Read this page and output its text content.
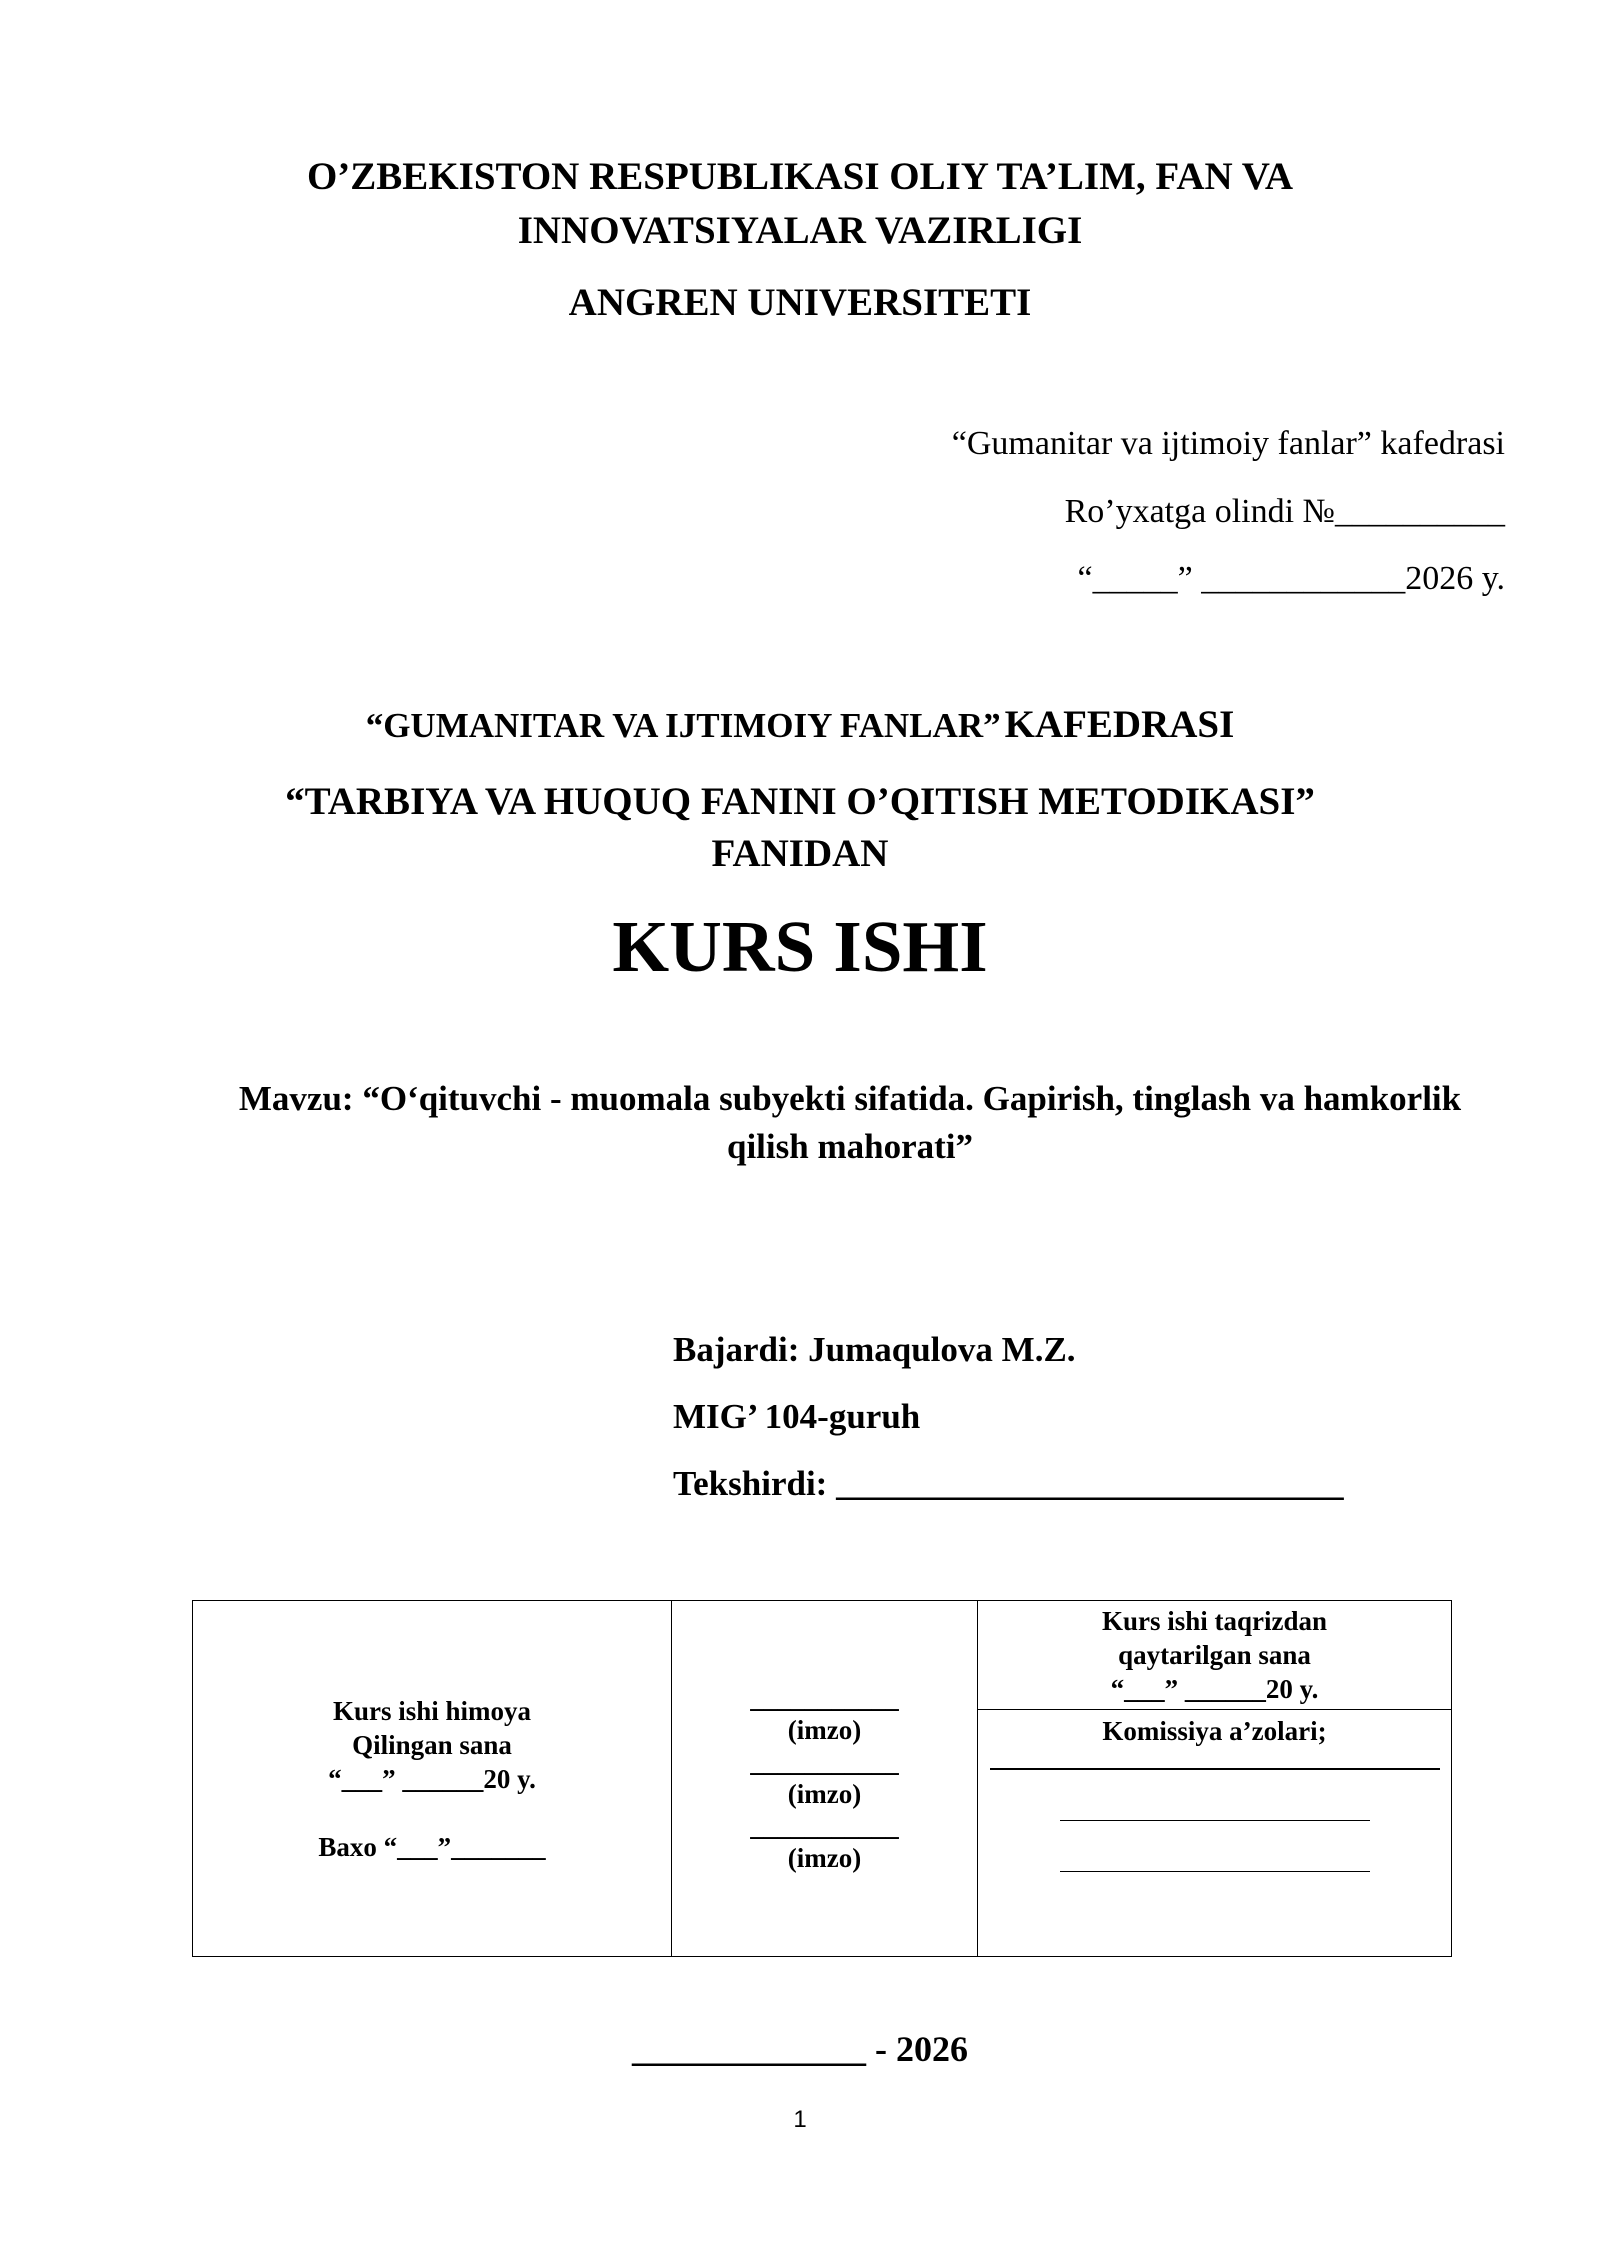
O’ZBEKISTON RESPUBLIKASI OLIY TA’LIM, FAN VA
INNOVATSIYALAR VAZIRLIGI
ANGREN UNIVERSITETI
“Gumanitar va ijtimoiy fanlar” kafedrasi
Ro’yxatga olindi №__________
“_____” ____________2026 y.
“GUMANITAR VA IJTIMOIY FANLAR” KAFEDRASI
“TARBIYA VA HUQUQ FANINI O’QITISH METODIKASI”
FANIDAN
KURS ISHI
Mavzu: “O‘qituvchi - muomala subyekti sifatida. Gapirish, tinglash va hamkorlik
qilish mahorati”
Bajardi: Jumaqulova M.Z.
MIG’ 104-guruh
Tekshirdi: _____________________________
Kurs ishi himoya
Qilingan sana
“___” ______20 y.
Baxo “___”_______

___________
(imzo)
___________
(imzo)
___________
(imzo)

Kurs ishi taqrizdan
qaytarilgan sana
“___” ______20 y.

Komissiya a’zolari;
_____________ - 2026
1
